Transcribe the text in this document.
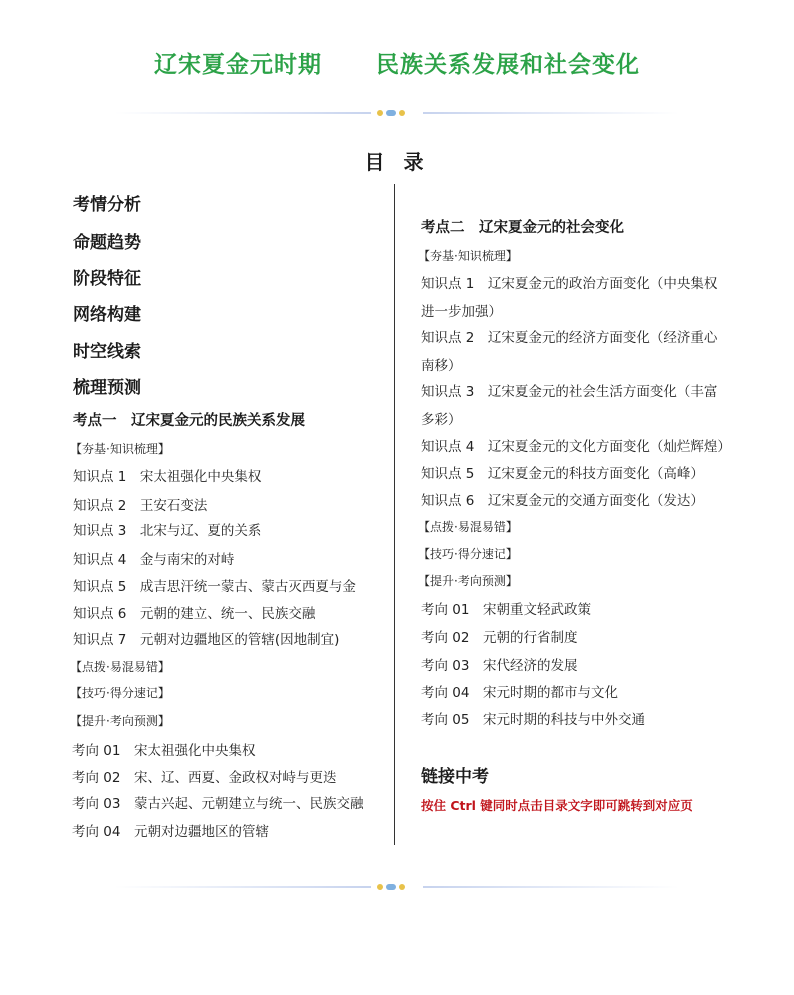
辽宋夏金元时期      民族关系发展和社会变化
目 录
考情分析
命题趋势
阶段特征
网络构建
时空线索
梳理预测
考点一　辽宋夏金元的民族关系发展
【夯基·知识梳理】
知识点 1　 宋太祖强化中央集权
知识点 2　 王安石变法
知识点 3　 北宋与辽、夏的关系
知识点 4　 金与南宋的对峙
知识点 5　 成吉思汗统一蒙古、蒙古灭西夏与金
知识点 6　 元朝的建立、统一、民族交融
知识点 7　 元朝对边疆地区的管辖(因地制宜)
【点拨·易混易错】
【技巧·得分速记】
【提升·考向预测】
考向 01　 宋太祖强化中央集权
考向 02　 宋、辽、西夏、金政权对峙与更迭
考向 03　 蒙古兴起、元朝建立与统一、民族交融
考向 04　 元朝对边疆地区的管辖
考点二　辽宋夏金元的社会变化
【夯基·知识梳理】
知识点 1　 辽宋夏金元的政治方面变化（中央集权
进一步加强）
知识点 2　 辽宋夏金元的经济方面变化（经济重心
南移）
知识点 3　 辽宋夏金元的社会生活方面变化（丰富
多彩）
知识点 4　 辽宋夏金元的文化方面变化（灿烂辉煌）
知识点 5　 辽宋夏金元的科技方面变化（高峰）
知识点 6　 辽宋夏金元的交通方面变化（发达）
【点拨·易混易错】
【技巧·得分速记】
【提升·考向预测】
考向 01　 宋朝重文轻武政策
考向 02　 元朝的行省制度
考向 03　 宋代经济的发展
考向 04　 宋元时期的都市与文化
考向 05　 宋元时期的科技与中外交通
链接中考
按住 Ctrl 键同时点击目录文字即可跳转到对应页
